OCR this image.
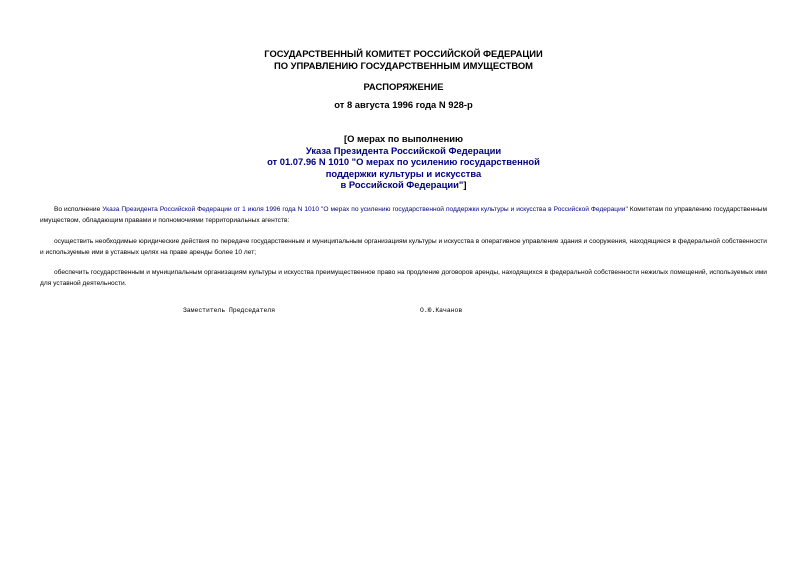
ГОСУДАРСТВЕННЫЙ КОМИТЕТ РОССИЙСКОЙ ФЕДЕРАЦИИ
ПО УПРАВЛЕНИЮ ГОСУДАРСТВЕННЫМ ИМУЩЕСТВОМ
РАСПОРЯЖЕНИЕ
от 8 августа 1996 года N 928-р
[О мерах по выполнению
Указа Президента Российской Федерации
от 01.07.96 N 1010 "О мерах по усилению государственной
поддержки культуры и искусства
в Российской Федерации"]

Во исполнение Указа Президента Российской Федерации от 1 июля 1996 года N 1010 "О мерах по усилению государственной поддержки культуры и искусства в Российской Федерации" Комитетам по управлению государственным имуществом, обладающим правами и полномочиями территориальных агентств:

осуществить необходимые юридические действия по передаче государственным и муниципальным организациям культуры и искусства в оперативное управление здания и сооружения, находящиеся в федеральной собственности и используемые ими в уставных целях на праве аренды более 10 лет;

обеспечить государственным и муниципальным организациям культуры и искусства преимущественное право на продление договоров аренды, находящихся в федеральной собственности нежилых помещений, используемых ими для уставной деятельности.

Заместитель Председателя	О.Ю.Качанов
